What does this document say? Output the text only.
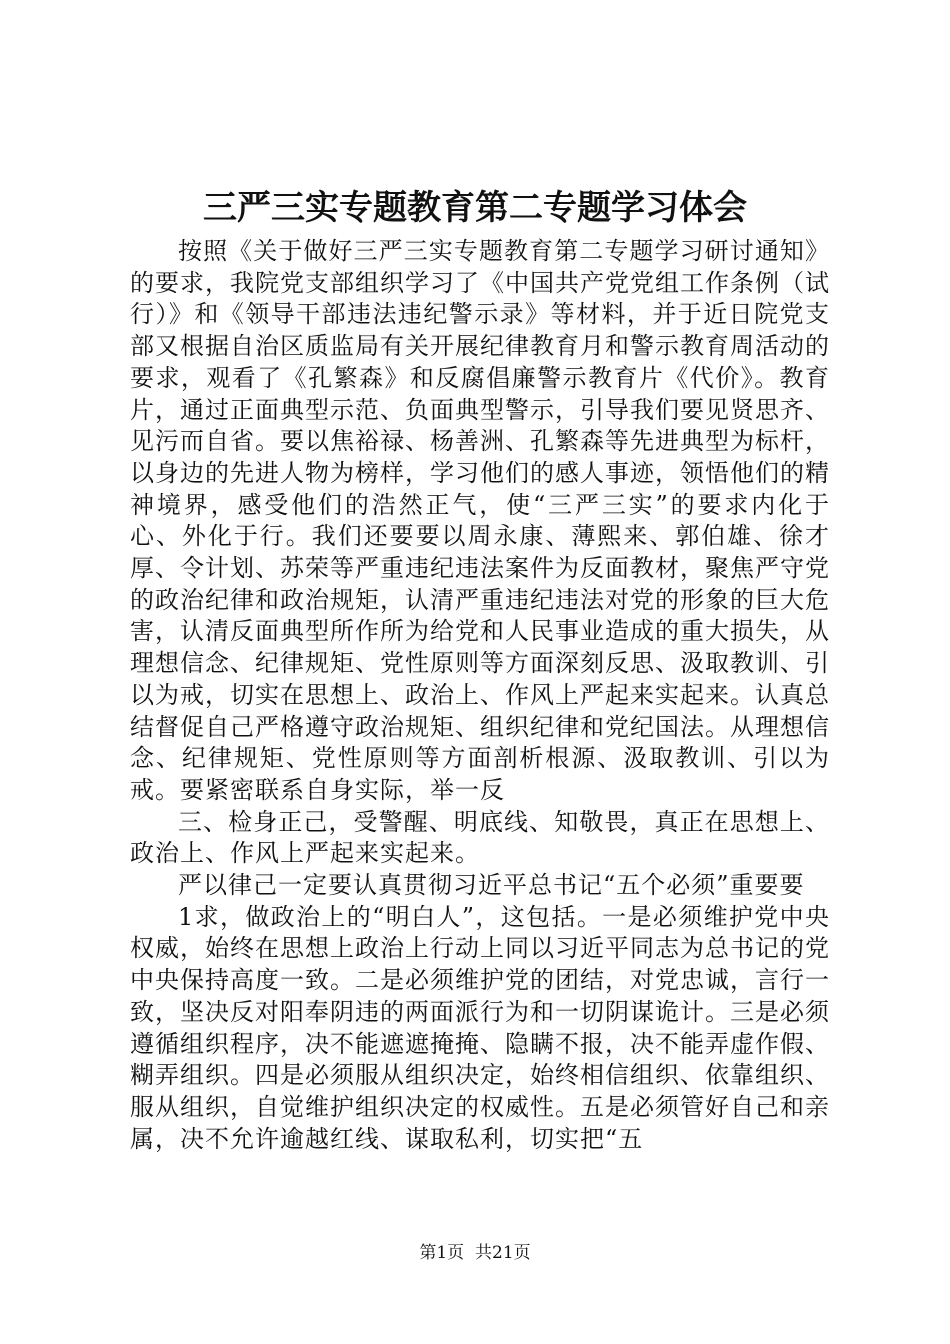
三严三实专题教育第二专题学习体会

按照《关于做好三严三实专题教育第二专题学习研讨通知》的要求，我院党支部组织学习了《中国共产党党组工作条例（试行）》和《领导干部违法违纪警示录》等材料，并于近日院党支部又根据自治区质监局有关开展纪律教育月和警示教育周活动的要求，观看了《孔繁森》和反腐倡廉警示教育片《代价》。教育片，通过正面典型示范、负面典型警示，引导我们要见贤思齐、见污而自省。要以焦裕禄、杨善洲、孔繁森等先进典型为标杆，以身边的先进人物为榜样，学习他们的感人事迹，领悟他们的精神境界，感受他们的浩然正气，使“三严三实”的要求内化于心、外化于行。我们还要要以周永康、薄熙来、郭伯雄、徐才厚、令计划、苏荣等严重违纪违法案件为反面教材，聚焦严守党的政治纪律和政治规矩，认清严重违纪违法对党的形象的巨大危害，认清反面典型所作所为给党和人民事业造成的重大损失，从理想信念、纪律规矩、党性原则等方面深刻反思、汲取教训、引以为戒，切实在思想上、政治上、作风上严起来实起来。认真总结督促自己严格遵守政治规矩、组织纪律和党纪国法。从理想信念、纪律规矩、党性原则等方面剖析根源、汲取教训、引以为戒。要紧密联系自身实际，举一反

三、检身正己，受警醒、明底线、知敬畏，真正在思想上、政治上、作风上严起来实起来。

严以律己一定要认真贯彻习近平总书记“五个必须”重要要

1求，做政治上的“明白人”，这包括。一是必须维护党中央权威，始终在思想上政治上行动上同以习近平同志为总书记的党中央保持高度一致。二是必须维护党的团结，对党忠诚，言行一致，坚决反对阳奉阴违的两面派行为和一切阴谋诡计。三是必须遵循组织程序，决不能遮遮掩掩、隐瞒不报，决不能弄虚作假、糊弄组织。四是必须服从组织决定，始终相信组织、依靠组织、服从组织，自觉维护组织决定的权威性。五是必须管好自己和亲属，决不允许逾越红线、谋取私利，切实把“五

第1页 共21页
